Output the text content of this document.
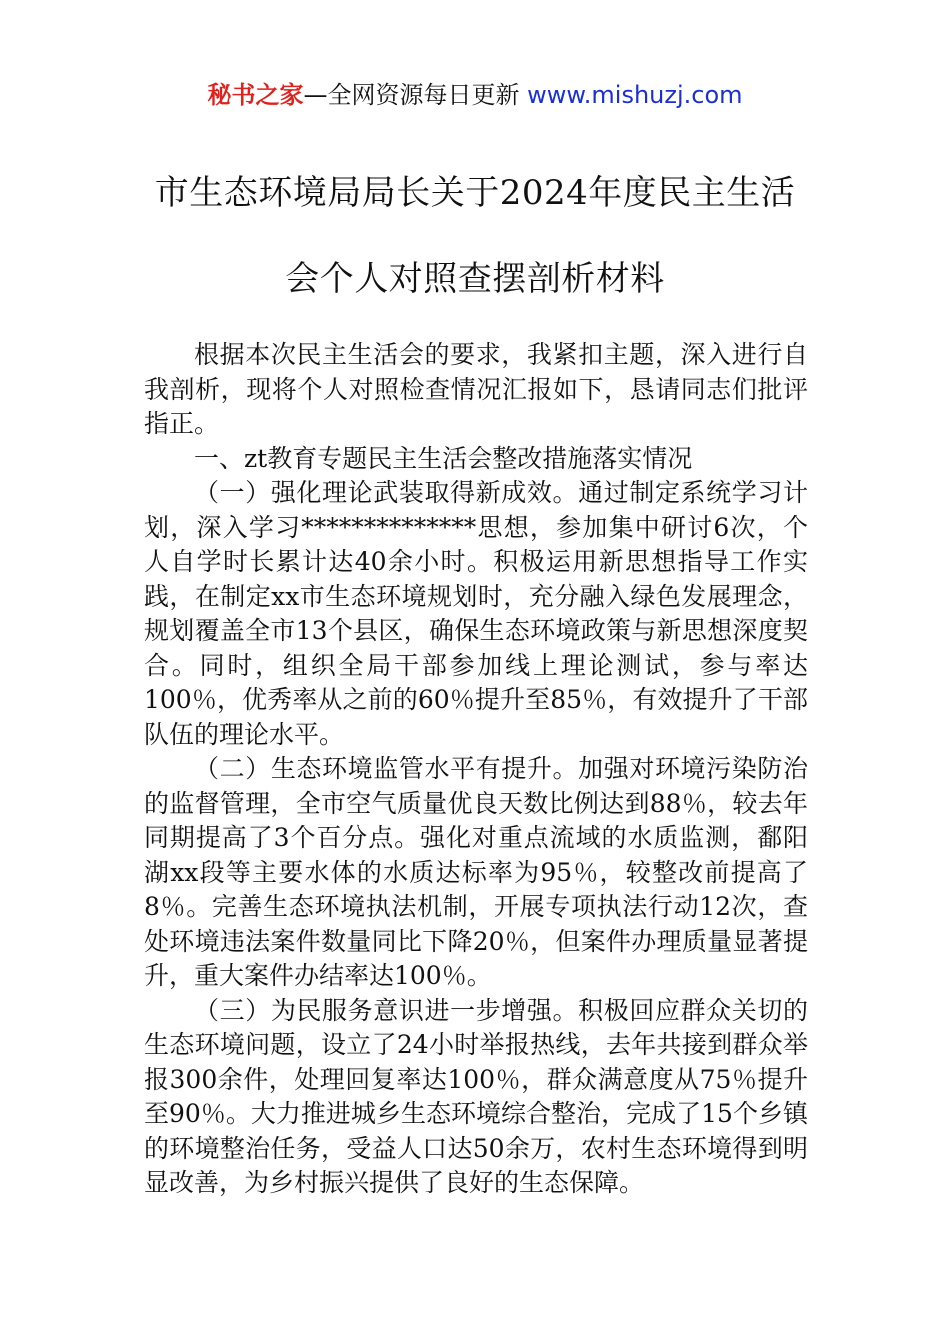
秘书之家—全网资源每日更新 www.mishuzj.com
市生态环境局局长关于2024年度民主生活
会个人对照查摆剖析材料

根据本次民主生活会的要求，我紧扣主题，深入进行自我剖析，现将个人对照检查情况汇报如下，恳请同志们批评指正。

一、zt教育专题民主生活会整改措施落实情况

（一）强化理论武装取得新成效。通过制定系统学习计划，深入学习**************思想，参加集中研讨6次，个人自学时长累计达40余小时。积极运用新思想指导工作实践，在制定xx市生态环境规划时，充分融入绿色发展理念，规划覆盖全市13个县区，确保生态环境政策与新思想深度契合。同时，组织全局干部参加线上理论测试，参与率达100％，优秀率从之前的60％提升至85％，有效提升了干部队伍的理论水平。

（二）生态环境监管水平有提升。加强对环境污染防治的监督管理，全市空气质量优良天数比例达到88％，较去年同期提高了3个百分点。强化对重点流域的水质监测，鄱阳湖xx段等主要水体的水质达标率为95％，较整改前提高了8％。完善生态环境执法机制，开展专项执法行动12次，查处环境违法案件数量同比下降20％，但案件办理质量显著提升，重大案件办结率达100％。

（三）为民服务意识进一步增强。积极回应群众关切的生态环境问题，设立了24小时举报热线，去年共接到群众举报300余件，处理回复率达100％，群众满意度从75％提升至90％。大力推进城乡生态环境综合整治，完成了15个乡镇的环境整治任务，受益人口达50余万，农村生态环境得到明显改善，为乡村振兴提供了良好的生态保障。
